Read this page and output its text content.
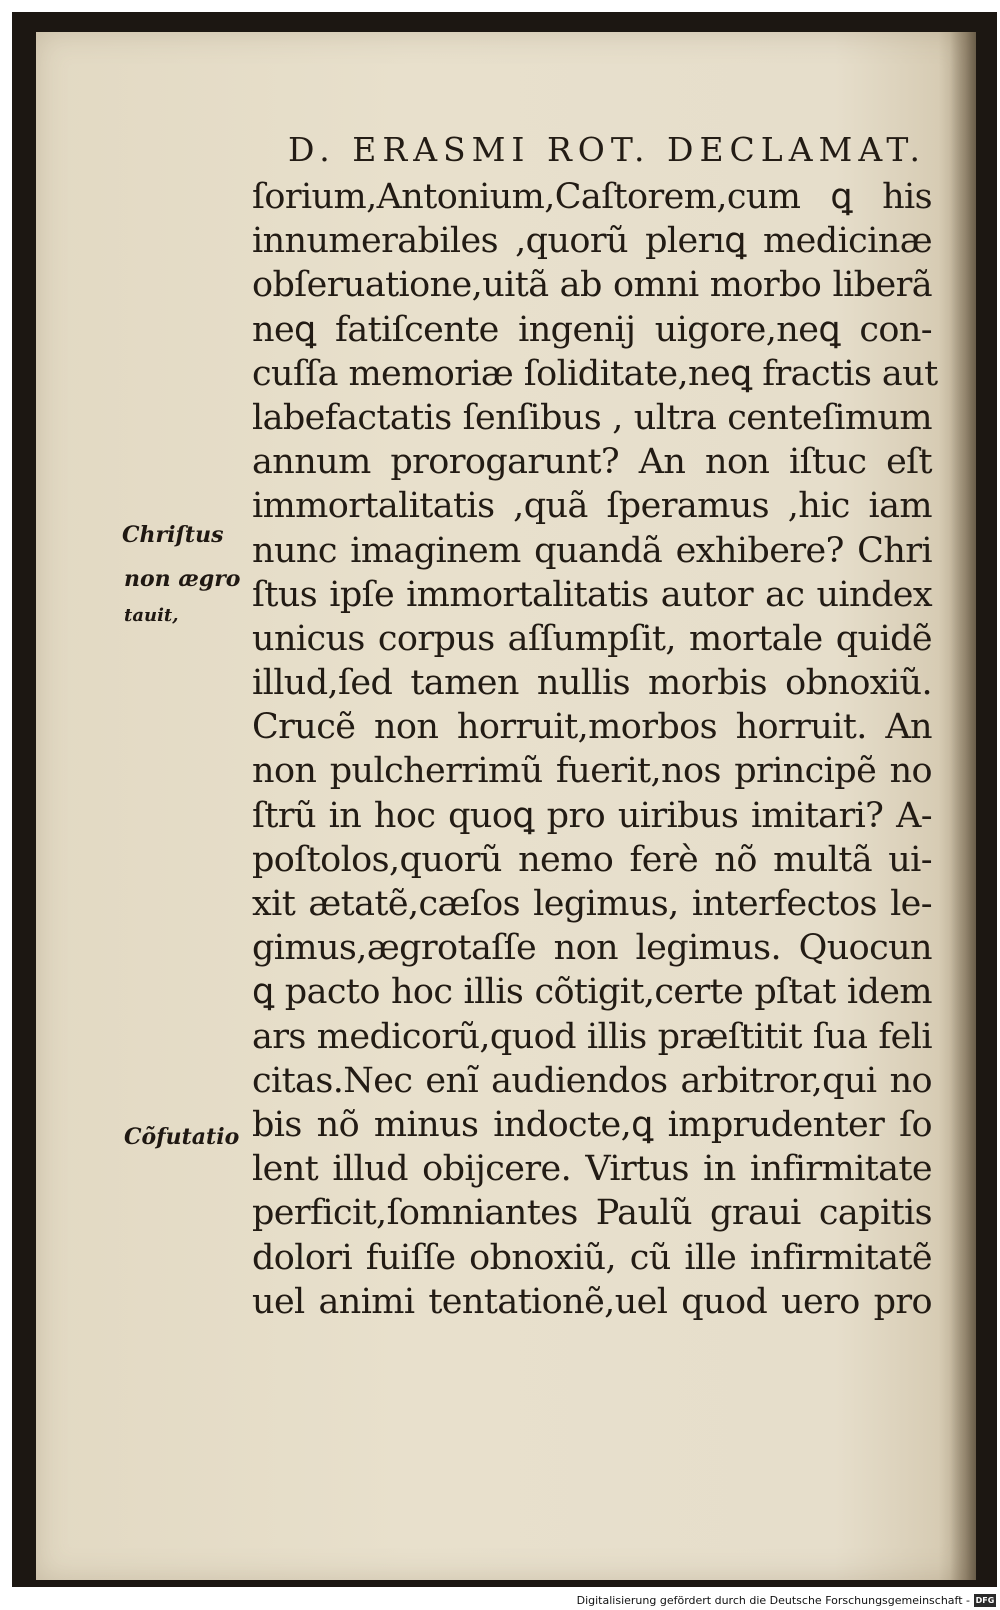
D. ERASMI ROT. DECLAMAT.
ſorium,Antonium,Caſtorem,cum ꝗ his
innumerabiles ,quorũ plerıꝗ medicinæ
obſeruatione,uitã ab omni morbo liberã
neꝗ fatiſcente ingenij uigore,neꝗ con-
cuſſa memoriæ ſoliditate,neꝗ fractis aut
labefactatis ſenſibus , ultra centeſimum
annum prorogarunt? An non iſtuc eſt
immortalitatis ,quã ſperamus ,hic iam
nunc imaginem quandã exhibere? Chri
ſtus ipſe immortalitatis autor ac uindex
unicus corpus aſſumpſit, mortale quidẽ
illud,ſed tamen nullis morbis obnoxiũ.
Crucẽ non horruit,morbos horruit. An
non pulcherrimũ fuerit,nos principẽ no
ſtrũ in hoc quoꝗ pro uiribus imitari? A-
poſtolos,quorũ nemo ferè nõ multã ui-
xit ætatẽ,cæſos legimus, interfectos le-
gimus,ægrotaſſe non legimus. Quocun
ꝗ pacto hoc illis cõtigit,certe pſtat idem
ars medicorũ,quod illis præſtitit ſua feli
citas.Nec enĩ audiendos arbitror,qui no
bis nõ minus indocte,ꝗ imprudenter ſo
lent illud obijcere. Virtus in infirmitate
perficit,ſomniantes Paulũ graui capitis
dolori fuiſſe obnoxiũ, cũ ille infirmitatẽ
uel animi tentationẽ,uel quod uero pro
Chriſtus
non ægro
tauit,
Cõfutatio
Digitalisierung gefördert durch die Deutsche Forschungsgemeinschaft - DFG
